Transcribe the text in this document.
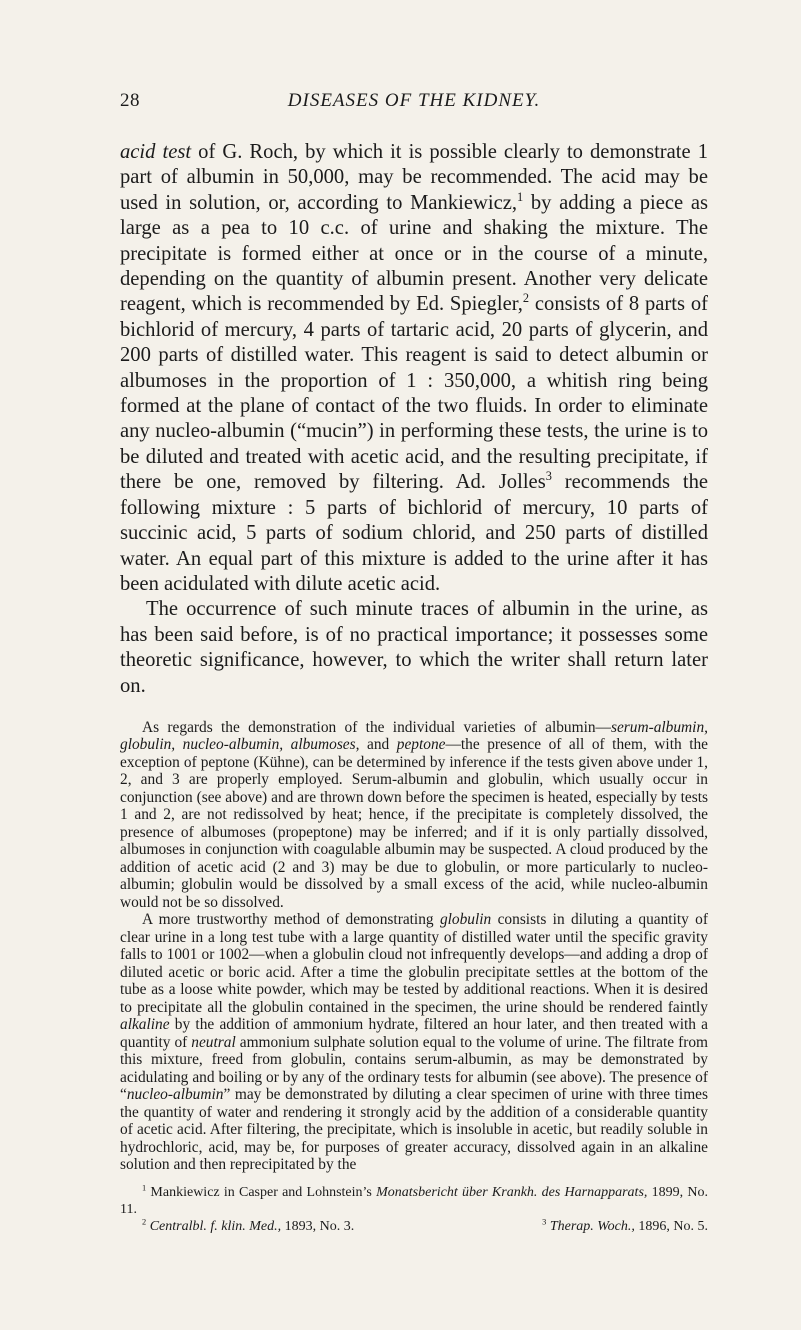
28	DISEASES OF THE KIDNEY.

acid test of G. Roch, by which it is possible clearly to demonstrate 1 part of albumin in 50,000, may be recommended. The acid may be used in solution, or, according to Mankiewicz,$^1$ by adding a piece as large as a pea to 10 c.c. of urine and shaking the mixture. The precipitate is formed either at once or in the course of a minute, depending on the quantity of albumin present. Another very delicate reagent, which is recommended by Ed. Spiegler,$^2$ consists of 8 parts of bichlorid of mercury, 4 parts of tartaric acid, 20 parts of glycerin, and 200 parts of distilled water. This reagent is said to detect albumin or albumoses in the proportion of 1 : 350,000, a whitish ring being formed at the plane of contact of the two fluids. In order to eliminate any nucleo-albumin (“mucin”) in performing these tests, the urine is to be diluted and treated with acetic acid, and the resulting precipitate, if there be one, removed by filtering. Ad. Jolles$^3$ recommends the following mixture : 5 parts of bichlorid of mercury, 10 parts of succinic acid, 5 parts of sodium chlorid, and 250 parts of distilled water. An equal part of this mixture is added to the urine after it has been acidulated with dilute acetic acid.

The occurrence of such minute traces of albumin in the urine, as has been said before, is of no practical importance; it possesses some theoretic significance, however, to which the writer shall return later on.

As regards the demonstration of the individual varieties of albumin—serum-albumin, globulin, nucleo-albumin, albumoses, and peptone—the presence of all of them, with the exception of peptone (Kühne), can be determined by inference if the tests given above under 1, 2, and 3 are properly employed. Serum-albumin and globulin, which usually occur in conjunction (see above) and are thrown down before the specimen is heated, especially by tests 1 and 2, are not redissolved by heat; hence, if the precipitate is completely dissolved, the presence of albumoses (propeptone) may be inferred; and if it is only partially dissolved, albumoses in conjunction with coagulable albumin may be suspected. A cloud produced by the addition of acetic acid (2 and 3) may be due to globulin, or more particularly to nucleo-albumin; globulin would be dissolved by a small excess of the acid, while nucleo-albumin would not be so dissolved.

A more trustworthy method of demonstrating globulin consists in diluting a quantity of clear urine in a long test tube with a large quantity of distilled water until the specific gravity falls to 1001 or 1002—when a globulin cloud not infrequently develops—and adding a drop of diluted acetic or boric acid. After a time the globulin precipitate settles at the bottom of the tube as a loose white powder, which may be tested by additional reactions. When it is desired to precipitate all the globulin contained in the specimen, the urine should be rendered faintly alkaline by the addition of ammonium hydrate, filtered an hour later, and then treated with a quantity of neutral ammonium sulphate solution equal to the volume of urine. The filtrate from this mixture, freed from globulin, contains serum-albumin, as may be demonstrated by acidulating and boiling or by any of the ordinary tests for albumin (see above). The presence of “nucleo-albumin” may be demonstrated by diluting a clear specimen of urine with three times the quantity of water and rendering it strongly acid by the addition of a considerable quantity of acetic acid. After filtering, the precipitate, which is insoluble in acetic, but readily soluble in hydrochloric, acid, may be, for purposes of greater accuracy, dissolved again in an alkaline solution and then reprecipitated by the

$^1$ Mankiewicz in Casper and Lohnstein’s Monatsbericht über Krankh. des Harnapparats, 1899, No. 11.

$^2$ Centralbl. f. klin. Med., 1893, No. 3.	$^3$ Therap. Woch., 1896, No. 5.
